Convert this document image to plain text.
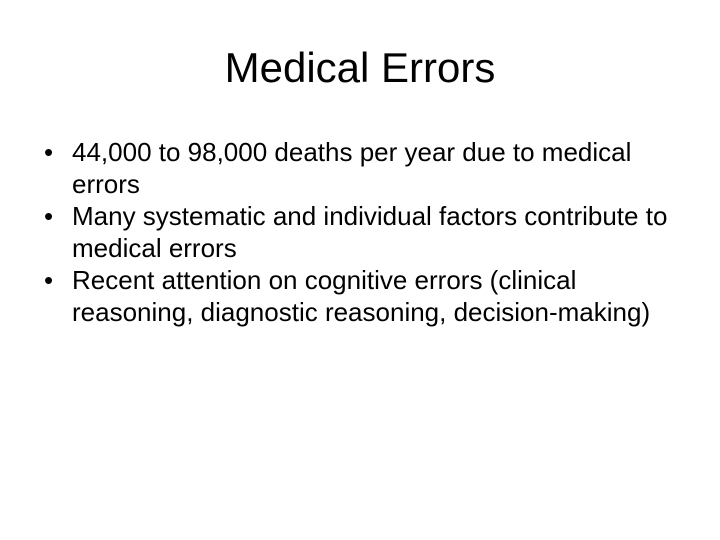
Medical Errors
• 44,000 to 98,000 deaths per year due to medical errors
• Many systematic and individual factors contribute to medical errors
• Recent attention on cognitive errors (clinical reasoning, diagnostic reasoning, decision-making)
